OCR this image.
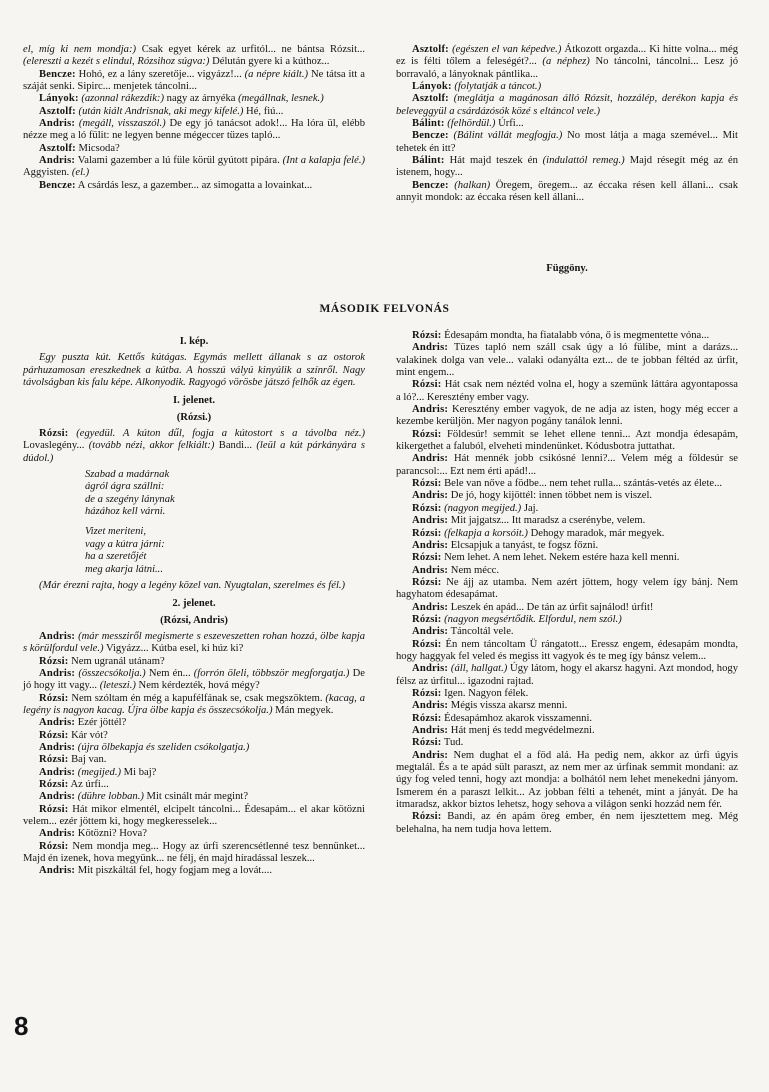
el, míg ki nem mondja:) Csak egyet kérek az urfitól... ne bántsa Rózsit... (elereszti a kezét s elindul, Rózsihoz súgva:) Délután gyere ki a kúthoz...

Bencze: Hohó, ez a lány szeretője... vigyázz!... (a népre kiált.) Ne tátsa itt a száját senki. Sipirc... menjetek táncolni...

Lányok: (azonnal rákezdik:) nagy az árnyéka (megállnak, lesnek.)

Asztolf: (után kiált Andrisnak, aki megy kifelé.) Hé, fiú...

Andris: (megáll, visszaszól.) De egy jó tanácsot adok!... Ha lóra ül, elébb nézze meg a ló fülit: ne legyen benne mégeccer tüzes tapló...

Asztolf: Micsoda?

Andris: Valami gazember a lú füle körül gyútott pipára. (Int a kalapja felé.) Aggyisten. (el.)

Bencze: A csárdás lesz, a gazember... az simogatta a lovainkat...

Asztolf: (egészen el van képedve.) Átkozott orgazda... Ki hitte volna... még ez is félti tőlem a feleségét?... (a néphez) No táncolni, táncolni... Lesz jó borravaló, a lányoknak pántlika...

Lányok: (folytatják a táncot.)

Asztolf: (meglátja a magánosan álló Rózsit, hozzálép, derékon kapja és beleveggyül a csárdázósók közé s eltáncol vele.)

Bálint: (felhördül.) Úrfi...

Bencze: (Bálint vállát megfogja.) No most látja a maga szemével... Mit tehetek én itt?

Bálint: Hát majd teszek én (indulattól remeg.) Majd résegít még az én istenem, hogy...

Bencze: (halkan) Öregem, öregem... az éccaka résen kell állani... csak annyit mondok: az éccaka résen kell állani...

Függöny.
MÁSODIK FELVONÁS
I. kép.

Egy puszta kút. Kettős kútágas. Egymás mellett állanak s az ostorok párhuzamosan ereszkednek a kútba. A hosszú vályú kinyúlik a színről. Nagy távolságban kis falu képe. Alkonyodik. Ragyogó vörösbe játszó felhők az égen.

I. jelenet.
(Rózsi.)

Rózsi: (egyedül. A kúton dűl, fogja a kútostort s a távolba néz.) Lovaslegény... (tovább nézi, akkor felkiált:) Bandi... (leül a kút párkányára s dúdol.)

Szabad a madárnak
ágról ágra szállni:
de a szegény lánynak
házához kell várni.
Vizet meriteni,
vagy a kútra járni:
ha a szeretőjét
meg akarja látni...

(Már érezni rajta, hogy a legény közel van. Nyugtalan, szerelmes és fél.)

2. jelenet.
(Rózsi, Andris)

Andris: (már messziről megismerte s eszeveszetten rohan hozzá, ölbe kapja s körülfordul vele.) Vigyázz... Kútba esel, ki húz ki?

Rózsi: Nem ugranál utánam?

Andris: (összecsókolja.) Nem én... (forrón öleli, többször megforgatja.) De jó hogy itt vagy... (leteszi.) Nem kérdezték, hová mégy?

Rózsi: Nem szóltam én még a kapufélfának se, csak megszöktem. (kacag, a legény is nagyon kacag. Újra ölbe kapja és összecsókolja.) Mán megyek.

Andris: Ezér jöttél?

Rózsi: Kár vót?

Andris: (újra ölbekapja és szeliden csókolgatja.)

Rózsi: Baj van.

Andris: (megijed.) Mi baj?

Rózsi: Az úrfi...

Andris: (dühre lobban.) Mit csinált már megint?

Rózsi: Hát mikor elmentél, elcipelt táncolni... Édesapám... el akar kötözni velem... ezér jöttem ki, hogy megkeresselek...

Andris: Kötözni? Hova?

Rózsi: Nem mondja meg... Hogy az úrfi szerencsétlenné tesz bennünket... Majd én izenek, hova megyünk... ne félj, én majd híradással leszek...

Andris: Mit piszkáltál fel, hogy fogjam meg a lovát....

Rózsi: Édesapám mondta, ha fiatalabb vóna, ő is megmentette vóna...

Andris: Tüzes tapló nem száll csak úgy a ló fülibe, mint a darázs... valakinek dolga van vele... valaki odanyálta ezt... de te jobban féltéd az úrfit, mint engem...

Rózsi: Hát csak nem néztéd volna el, hogy a szemünk láttára agyontapossa a ló?... Keresztény ember vagy.

Andris: Keresztény ember vagyok, de ne adja az isten, hogy még eccer a kezembe kerüljön. Mer nagyon pogány tanálok lenni.

Rózsi: Földesúr! semmit se lehet ellene tenni... Azt mondja édesapám, kikergethet a faluból, elveheti mindenünket. Kódusbotra juttathat.

Andris: Hát mennék jobb csikósné lenni?... Velem még a földesúr se parancsol:... Ezt nem érti apád!...

Rózsi: Bele van nőve a födbe... nem tehet rulla... szántás-vetés az élete...

Andris: De jó, hogy kijöttél: innen többet nem is viszel.

Rózsi: (nagyon megijed.) Jaj.

Andris: Mit jajgatsz... Itt maradsz a cserénybe, velem.

Rózsi: (felkapja a korsóit.) Dehogy maradok, már megyek.

Andris: Elcsapjuk a tanyást, te fogsz főzni.

Rózsi: Nem lehet. A nem lehet. Nekem estére haza kell menni.

Andris: Nem mécc.

Rózsi: Ne ájj az utamba. Nem azért jöttem, hogy velem így bánj. Nem hagyhatom édesapámat.

Andris: Leszek én apád... De tán az úrfit sajnálod! úrfit!

Rózsi: (nagyon megsértődik. Elfordul, nem szól.)

Andris: Táncoltál vele.

Rózsi: Én nem táncoltam Ü rángatott... Eressz engem, édesapám mondta, hogy haggyak fel veled és megiss itt vagyok és te meg így bánsz velem...

Andris: (áll, hallgat.) Úgy látom, hogy el akarsz hagyni. Azt mondod, hogy félsz az úrfitul... igazodni rajtad.

Rózsi: Igen. Nagyon félek.

Andris: Mégis vissza akarsz menni.

Rózsi: Édesapámhoz akarok visszamenni.

Andris: Hát menj és tedd megvédelmezni.

Rózsi: Tud.

Andris: Nem dughat el a föd alá. Ha pedig nem, akkor az úrfi úgyis megtalál. És a te apád sült paraszt, az nem mer az úrfinak semmit mondani: az úgy fog veled tenni, hogy azt mondja: a bolhától nem lehet menekedni jányom. Ismerem én a paraszt lelkit... Az jobban félti a tehenét, mint a jányát. De ha itmaradsz, akkor biztos lehetsz, hogy sehova a világon senki hozzád nem fér.

Rózsi: Bandi, az én apám öreg ember, én nem ijesztettem meg. Még belehalna, ha nem tudja hova lettem.

8
